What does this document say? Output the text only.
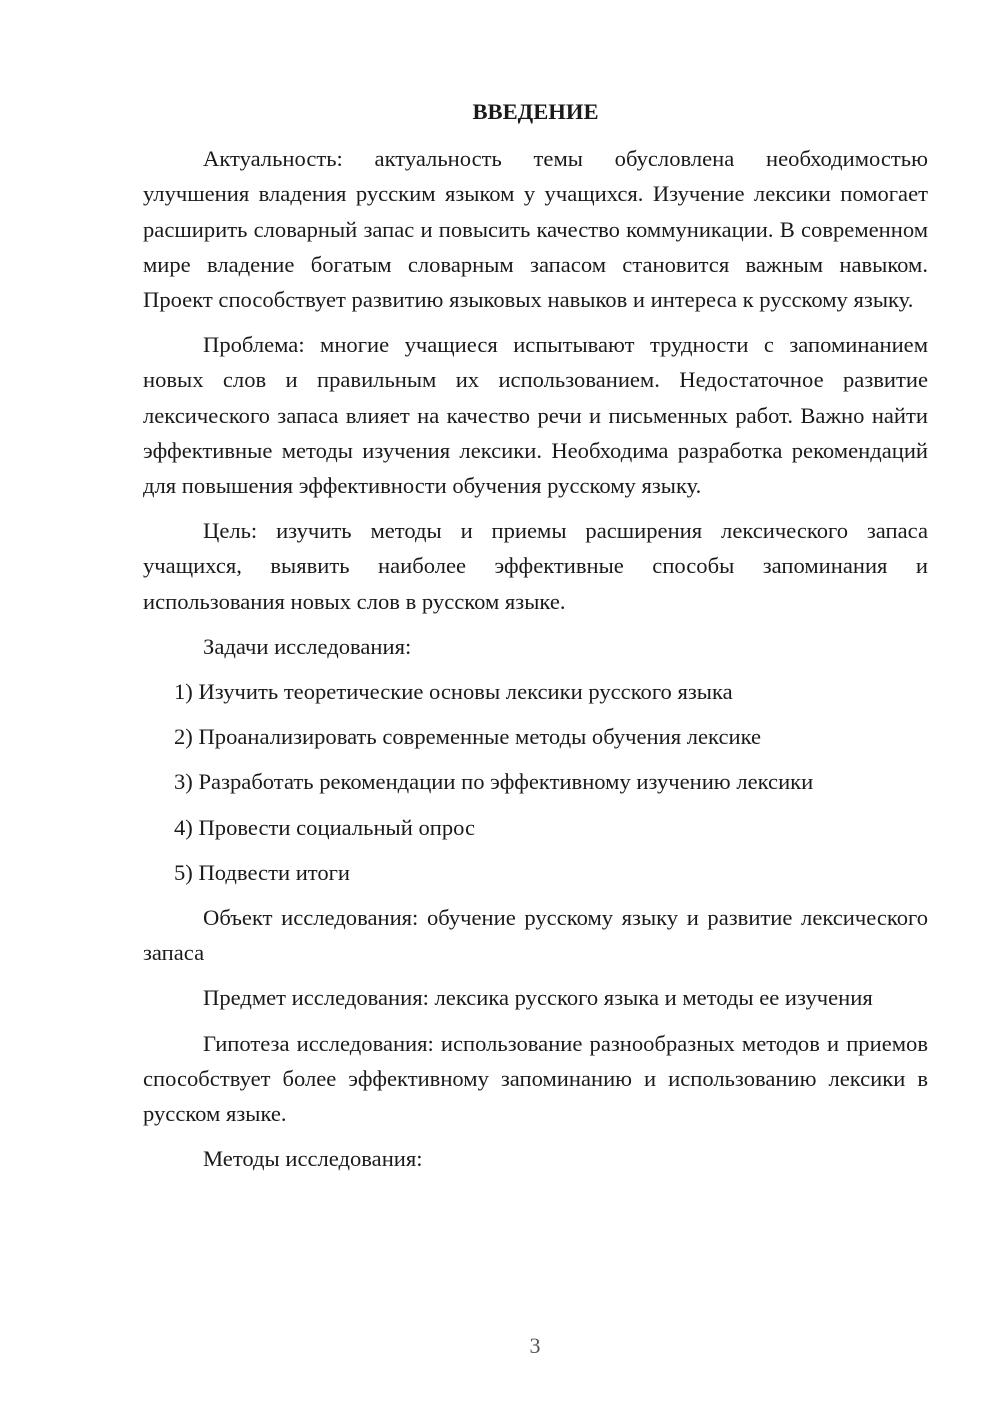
ВВЕДЕНИЕ

Актуальность: актуальность темы обусловлена необходимостью улучшения владения русским языком у учащихся. Изучение лексики помогает расширить словарный запас и повысить качество коммуникации. В современном мире владение богатым словарным запасом становится важным навыком. Проект способствует развитию языковых навыков и интереса к русскому языку.

Проблема: многие учащиеся испытывают трудности с запоминанием новых слов и правильным их использованием. Недостаточное развитие лексического запаса влияет на качество речи и письменных работ. Важно найти эффективные методы изучения лексики. Необходима разработка рекомендаций для повышения эффективности обучения русскому языку.

Цель: изучить методы и приемы расширения лексического запаса учащихся, выявить наиболее эффективные способы запоминания и использования новых слов в русском языке.

Задачи исследования:

1) Изучить теоретические основы лексики русского языка
2) Проанализировать современные методы обучения лексике
3) Разработать рекомендации по эффективному изучению лексики
4) Провести социальный опрос
5) Подвести итоги

Объект исследования: обучение русскому языку и развитие лексического запаса

Предмет исследования: лексика русского языка и методы ее изучения

Гипотеза исследования: использование разнообразных методов и приемов способствует более эффективному запоминанию и использованию лексики в русском языке.

Методы исследования:

3
